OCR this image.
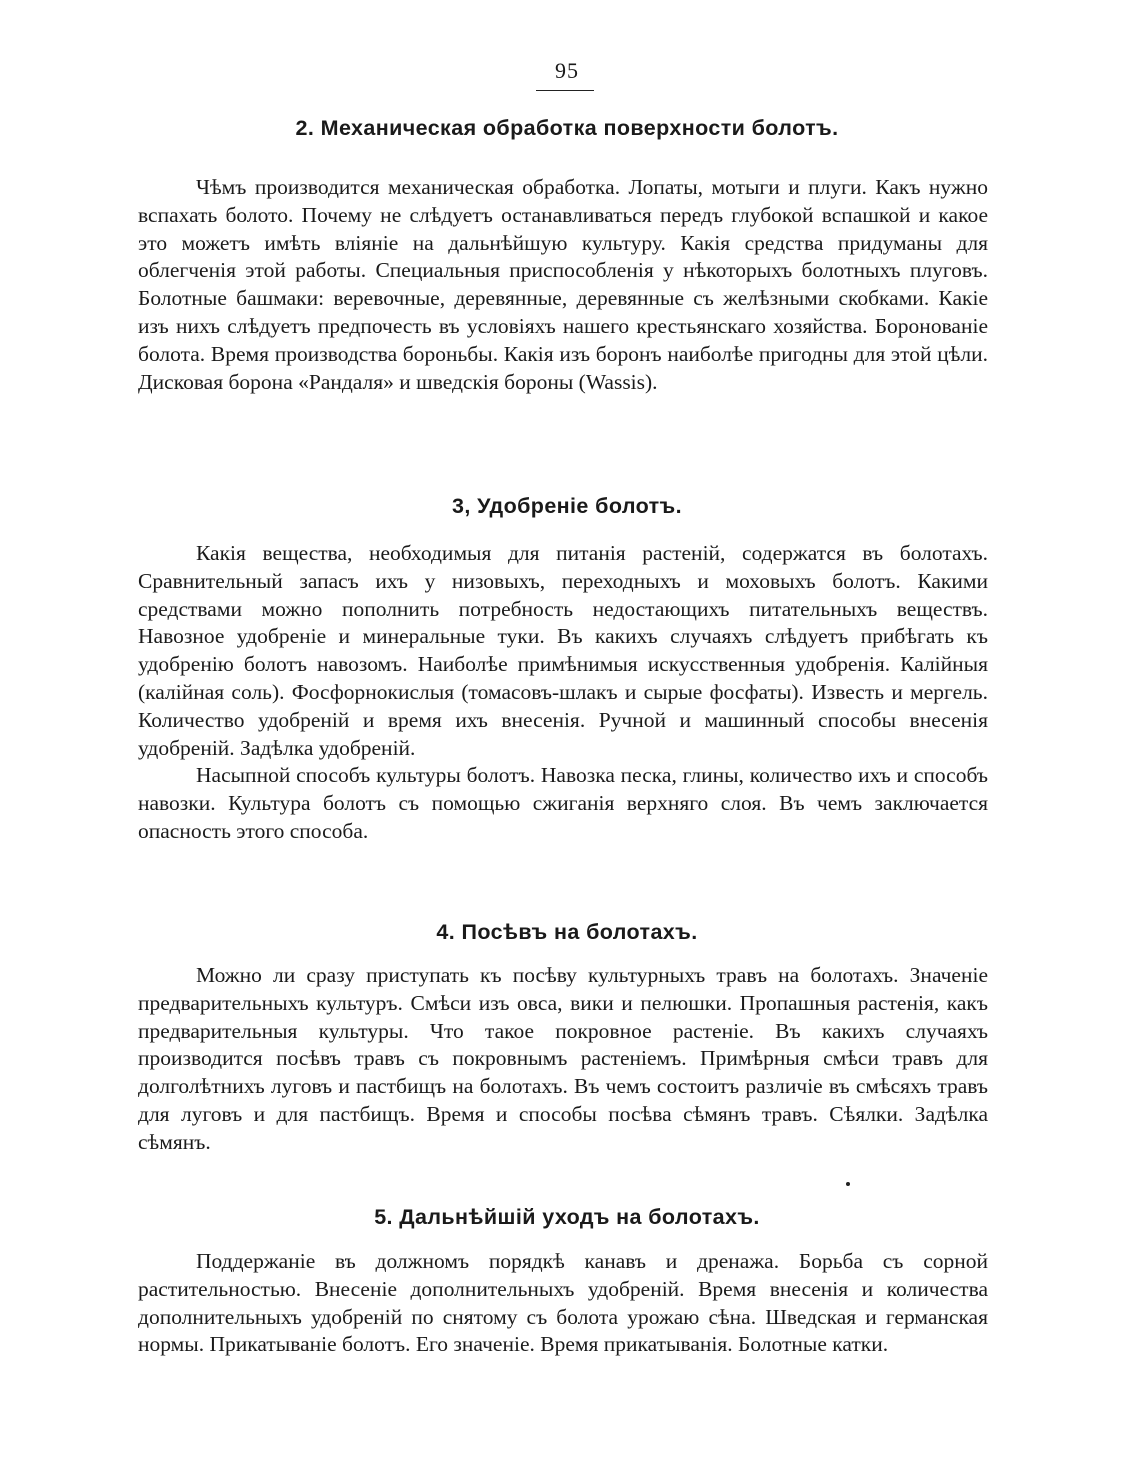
95
2. Механическая обработка поверхности болотъ.

Чѣмъ производится механическая обработка. Лопаты, мотыги и плуги. Какъ нужно вспахать болото. Почему не слѣдуетъ останавливаться передъ глубокой вспашкой и какое это можетъ имѣть вліяніе на дальнѣйшую культуру. Какія средства придуманы для облегченія этой работы. Специальныя приспособленія у нѣкоторыхъ болотныхъ плуговъ. Болотные башмаки: веревочные, деревянные, деревянные съ желѣзными скобками. Какіе изъ нихъ слѣдуетъ предпочесть въ условіяхъ нашего крестьянскаго хозяйства. Боронованіе болота. Время производства бороньбы. Какія изъ боронъ наиболѣе пригодны для этой цѣли. Дисковая борона «Рандаля» и шведскія бороны (Wassis).

3, Удобреніе болотъ.

Какія вещества, необходимыя для питанія растеній, содержатся въ болотахъ. Сравнительный запасъ ихъ у низовыхъ, переходныхъ и моховыхъ болотъ. Какими средствами можно пополнить потребность недостающихъ питательныхъ веществъ. Навозное удобреніе и минеральные туки. Въ какихъ случаяхъ слѣдуетъ прибѣгать къ удобренію болотъ навозомъ. Наиболѣе примѣнимыя искусственныя удобренія. Калійныя (калійная соль). Фосфорнокислыя (томасовъ-шлакъ и сырые фосфаты). Известь и мергель. Количество удобреній и время ихъ внесенія. Ручной и машинный способы внесенія удобреній. Задѣлка удобреній.

Насыпной способъ культуры болотъ. Навозка песка, глины, количество ихъ и способъ навозки. Культура болотъ съ помощью сжиганія верхняго слоя. Въ чемъ заключается опасность этого способа.

4. Посѣвъ на болотахъ.

Можно ли сразу приступать къ посѣву культурныхъ травъ на болотахъ. Значеніе предварительныхъ культуръ. Смѣси изъ овса, вики и пелюшки. Пропашныя растенія, какъ предварительныя культуры. Что такое покровное растеніе. Въ какихъ случаяхъ производится посѣвъ травъ съ покровнымъ растеніемъ. Примѣрныя смѣси травъ для долголѣтнихъ луговъ и пастбищъ на болотахъ. Въ чемъ состоитъ различіе въ смѣсяхъ травъ для луговъ и для пастбищъ. Время и способы посѣва сѣмянъ травъ. Сѣялки. Задѣлка сѣмянъ.

5. Дальнѣйшій уходъ на болотахъ.

Поддержаніе въ должномъ порядкѣ канавъ и дренажа. Борьба съ сорной растительностью. Внесеніе дополнительныхъ удобреній. Время внесенія и количества дополнительныхъ удобреній по снятому съ болота урожаю сѣна. Шведская и германская нормы. Прикатываніе болотъ. Его значеніе. Время прикатыванія. Болотные катки.
